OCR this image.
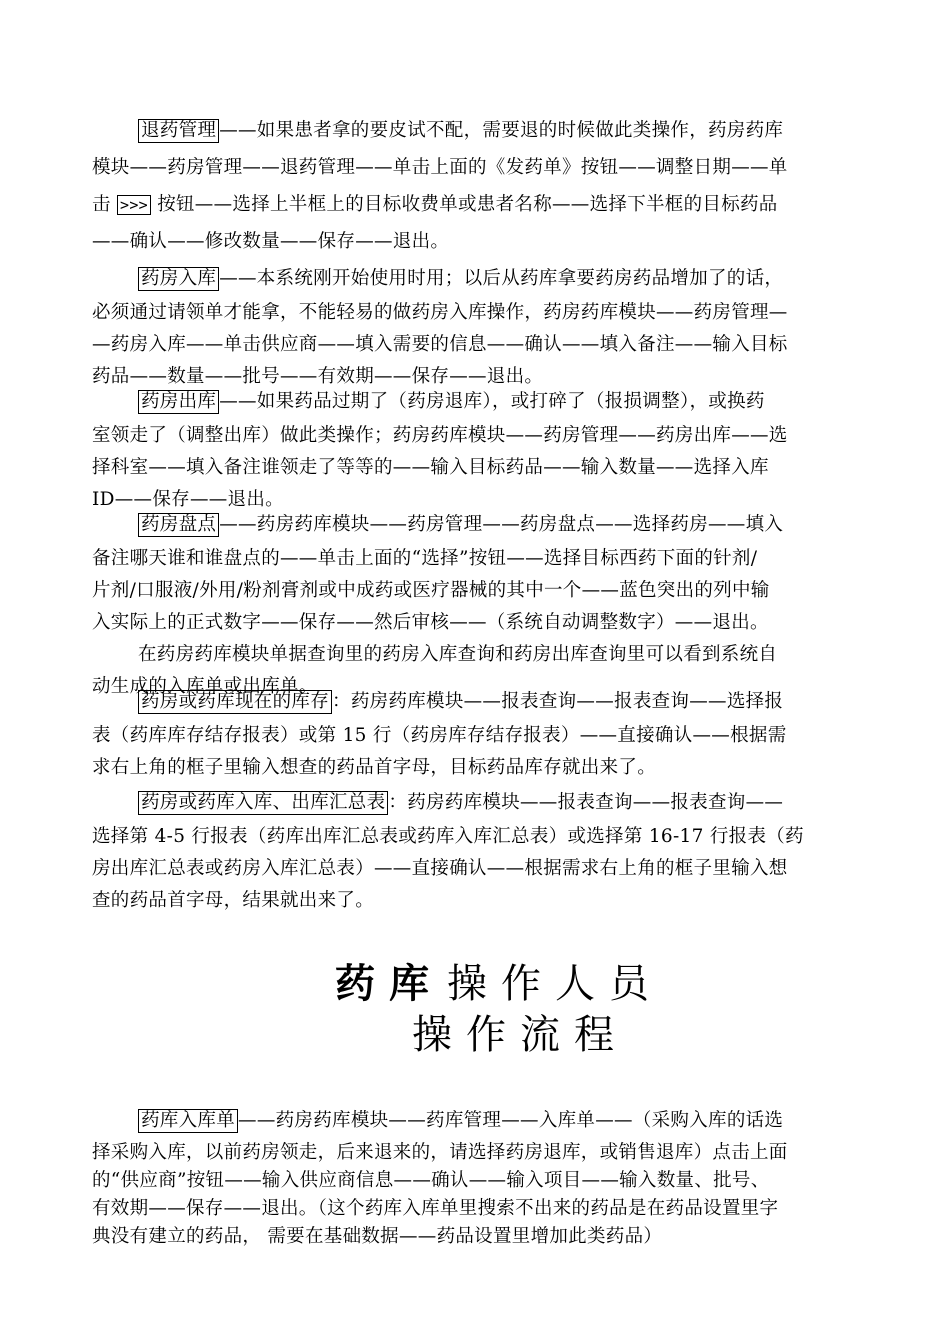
退药管理 ——如果患者拿的要皮试不配，需要退的时候做此类操作，药房药库
模块——药房管理——退药管理——单击上面的《发药单》按钮——调整日期——单
击 >>> 按钮——选择上半框上的目标收费单或患者名称——选择下半框的目标药品
——确认——修改数量——保存——退出。
药房入库 ——本系统刚开始使用时用；以后从药库拿要药房药品增加了的话，
必须通过请领单才能拿，不能轻易的做药房入库操作，药房药库模块——药房管理—
—药房入库——单击供应商——填入需要的信息——确认——填入备注——输入目标
药品——数量——批号——有效期——保存——退出。
药房出库 ——如果药品过期了（药房退库），或打碎了（报损调整），或换药
室领走了（调整出库）做此类操作；药房药库模块——药房管理——药房出库——选
择科室——填入备注谁领走了等等的——输入目标药品——输入数量——选择入库
ID——保存——退出。
药房盘点 ——药房药库模块——药房管理——药房盘点——选择药房——填入
备注哪天谁和谁盘点的——单击上面的“选择”按钮——选择目标西药下面的针剂/
片剂/口服液/外用/粉剂膏剂或中成药或医疗器械的其中一个——蓝色突出的列中输
入实际上的正式数字——保存——然后审核——（系统自动调整数字）——退出。
在药房药库模块单据查询里的药房入库查询和药房出库查询里可以看到系统自
动生成的入库单或出库单。
药房或药库现在的库存 ：药房药库模块——报表查询——报表查询——选择报
表（药库库存结存报表）或第 15 行（药房库存结存报表）——直接确认——根据需
求右上角的框子里输入想查的药品首字母，目标药品库存就出来了。
药房或药库入库、出库汇总表 ：药房药库模块——报表查询——报表查询——
选择第 4-5 行报表（药库出库汇总表或药库入库汇总表）或选择第 16-17 行报表（药
房出库汇总表或药房入库汇总表）——直接确认——根据需求右上角的框子里输入想
查的药品首字母，结果就出来了。
药库 操作人员
操作流程
药库入库单 ——药房药库模块——药库管理——入库单——（采购入库的话选
择采购入库，以前药房领走，后来退来的，请选择药房退库，或销售退库）点击上面
的“供应商”按钮——输入供应商信息——确认——输入项目——输入数量、批号、
有效期——保存——退出。（这个药库入库单里搜索不出来的药品是在药品设置里字
典没有建立的药品， 需要在基础数据——药品设置里增加此类药品）
